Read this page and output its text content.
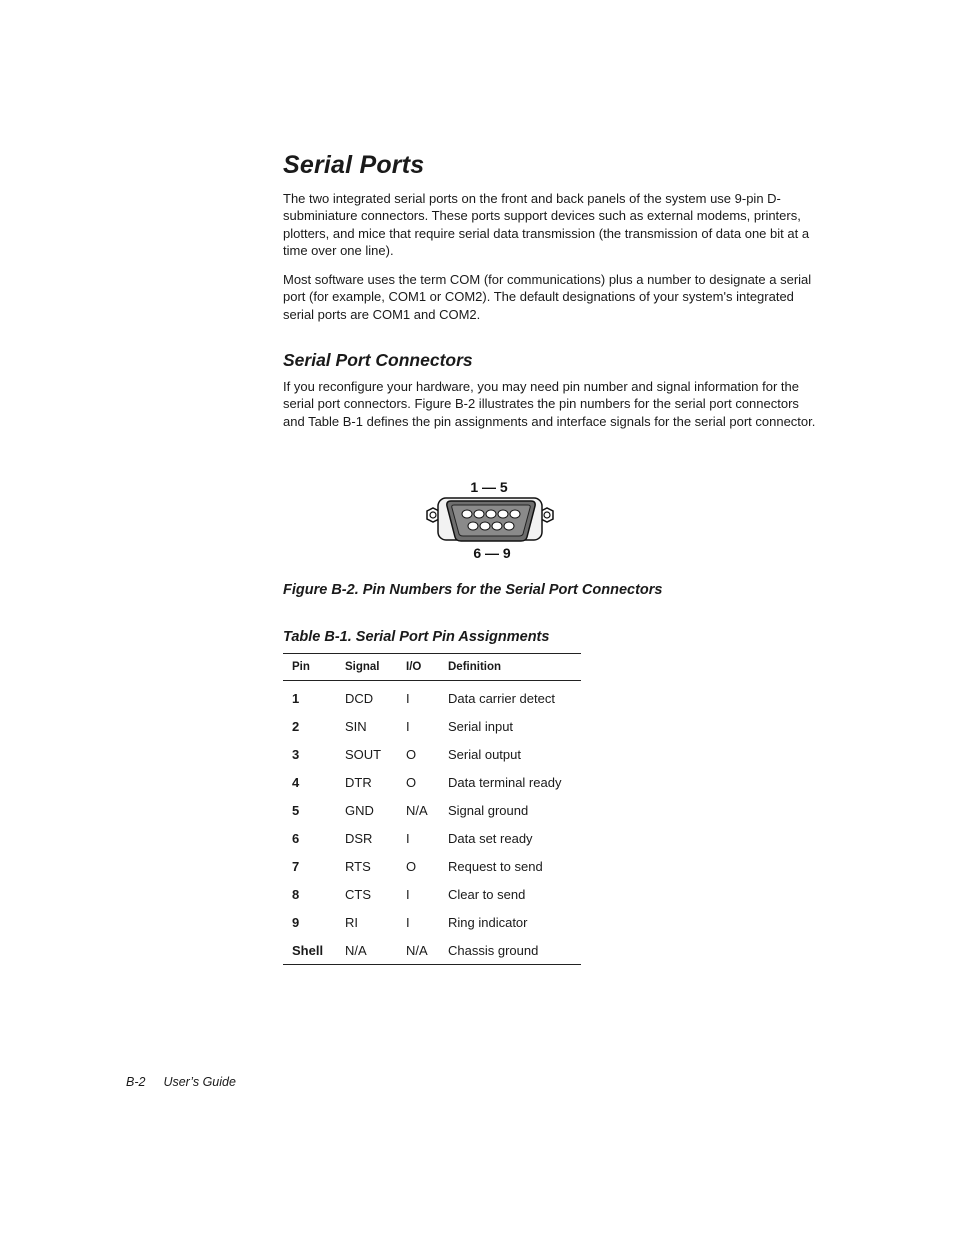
Serial Ports

The two integrated serial ports on the front and back panels of the system use 9-pin D-subminiature connectors. These ports support devices such as external modems, printers, plotters, and mice that require serial data transmission (the transmission of data one bit at a time over one line).

Most software uses the term COM (for communications) plus a number to designate a serial port (for example, COM1 or COM2). The default designations of your system's integrated serial ports are COM1 and COM2.

Serial Port Connectors

If you reconfigure your hardware, you may need pin number and signal information for the serial port connectors. Figure B-2 illustrates the pin numbers for the serial port connectors and Table B-1 defines the pin assignments and interface signals for the serial port connector.

1 — 5
6 — 9

Figure B-2. Pin Numbers for the Serial Port Connectors

Table B-1. Serial Port Pin Assignments

Pin	Signal	I/O	Definition
1	DCD	I	Data carrier detect
2	SIN	I	Serial input
3	SOUT	O	Serial output
4	DTR	O	Data terminal ready
5	GND	N/A	Signal ground
6	DSR	I	Data set ready
7	RTS	O	Request to send
8	CTS	I	Clear to send
9	RI	I	Ring indicator
Shell	N/A	N/A	Chassis ground

B-2 User’s Guide
